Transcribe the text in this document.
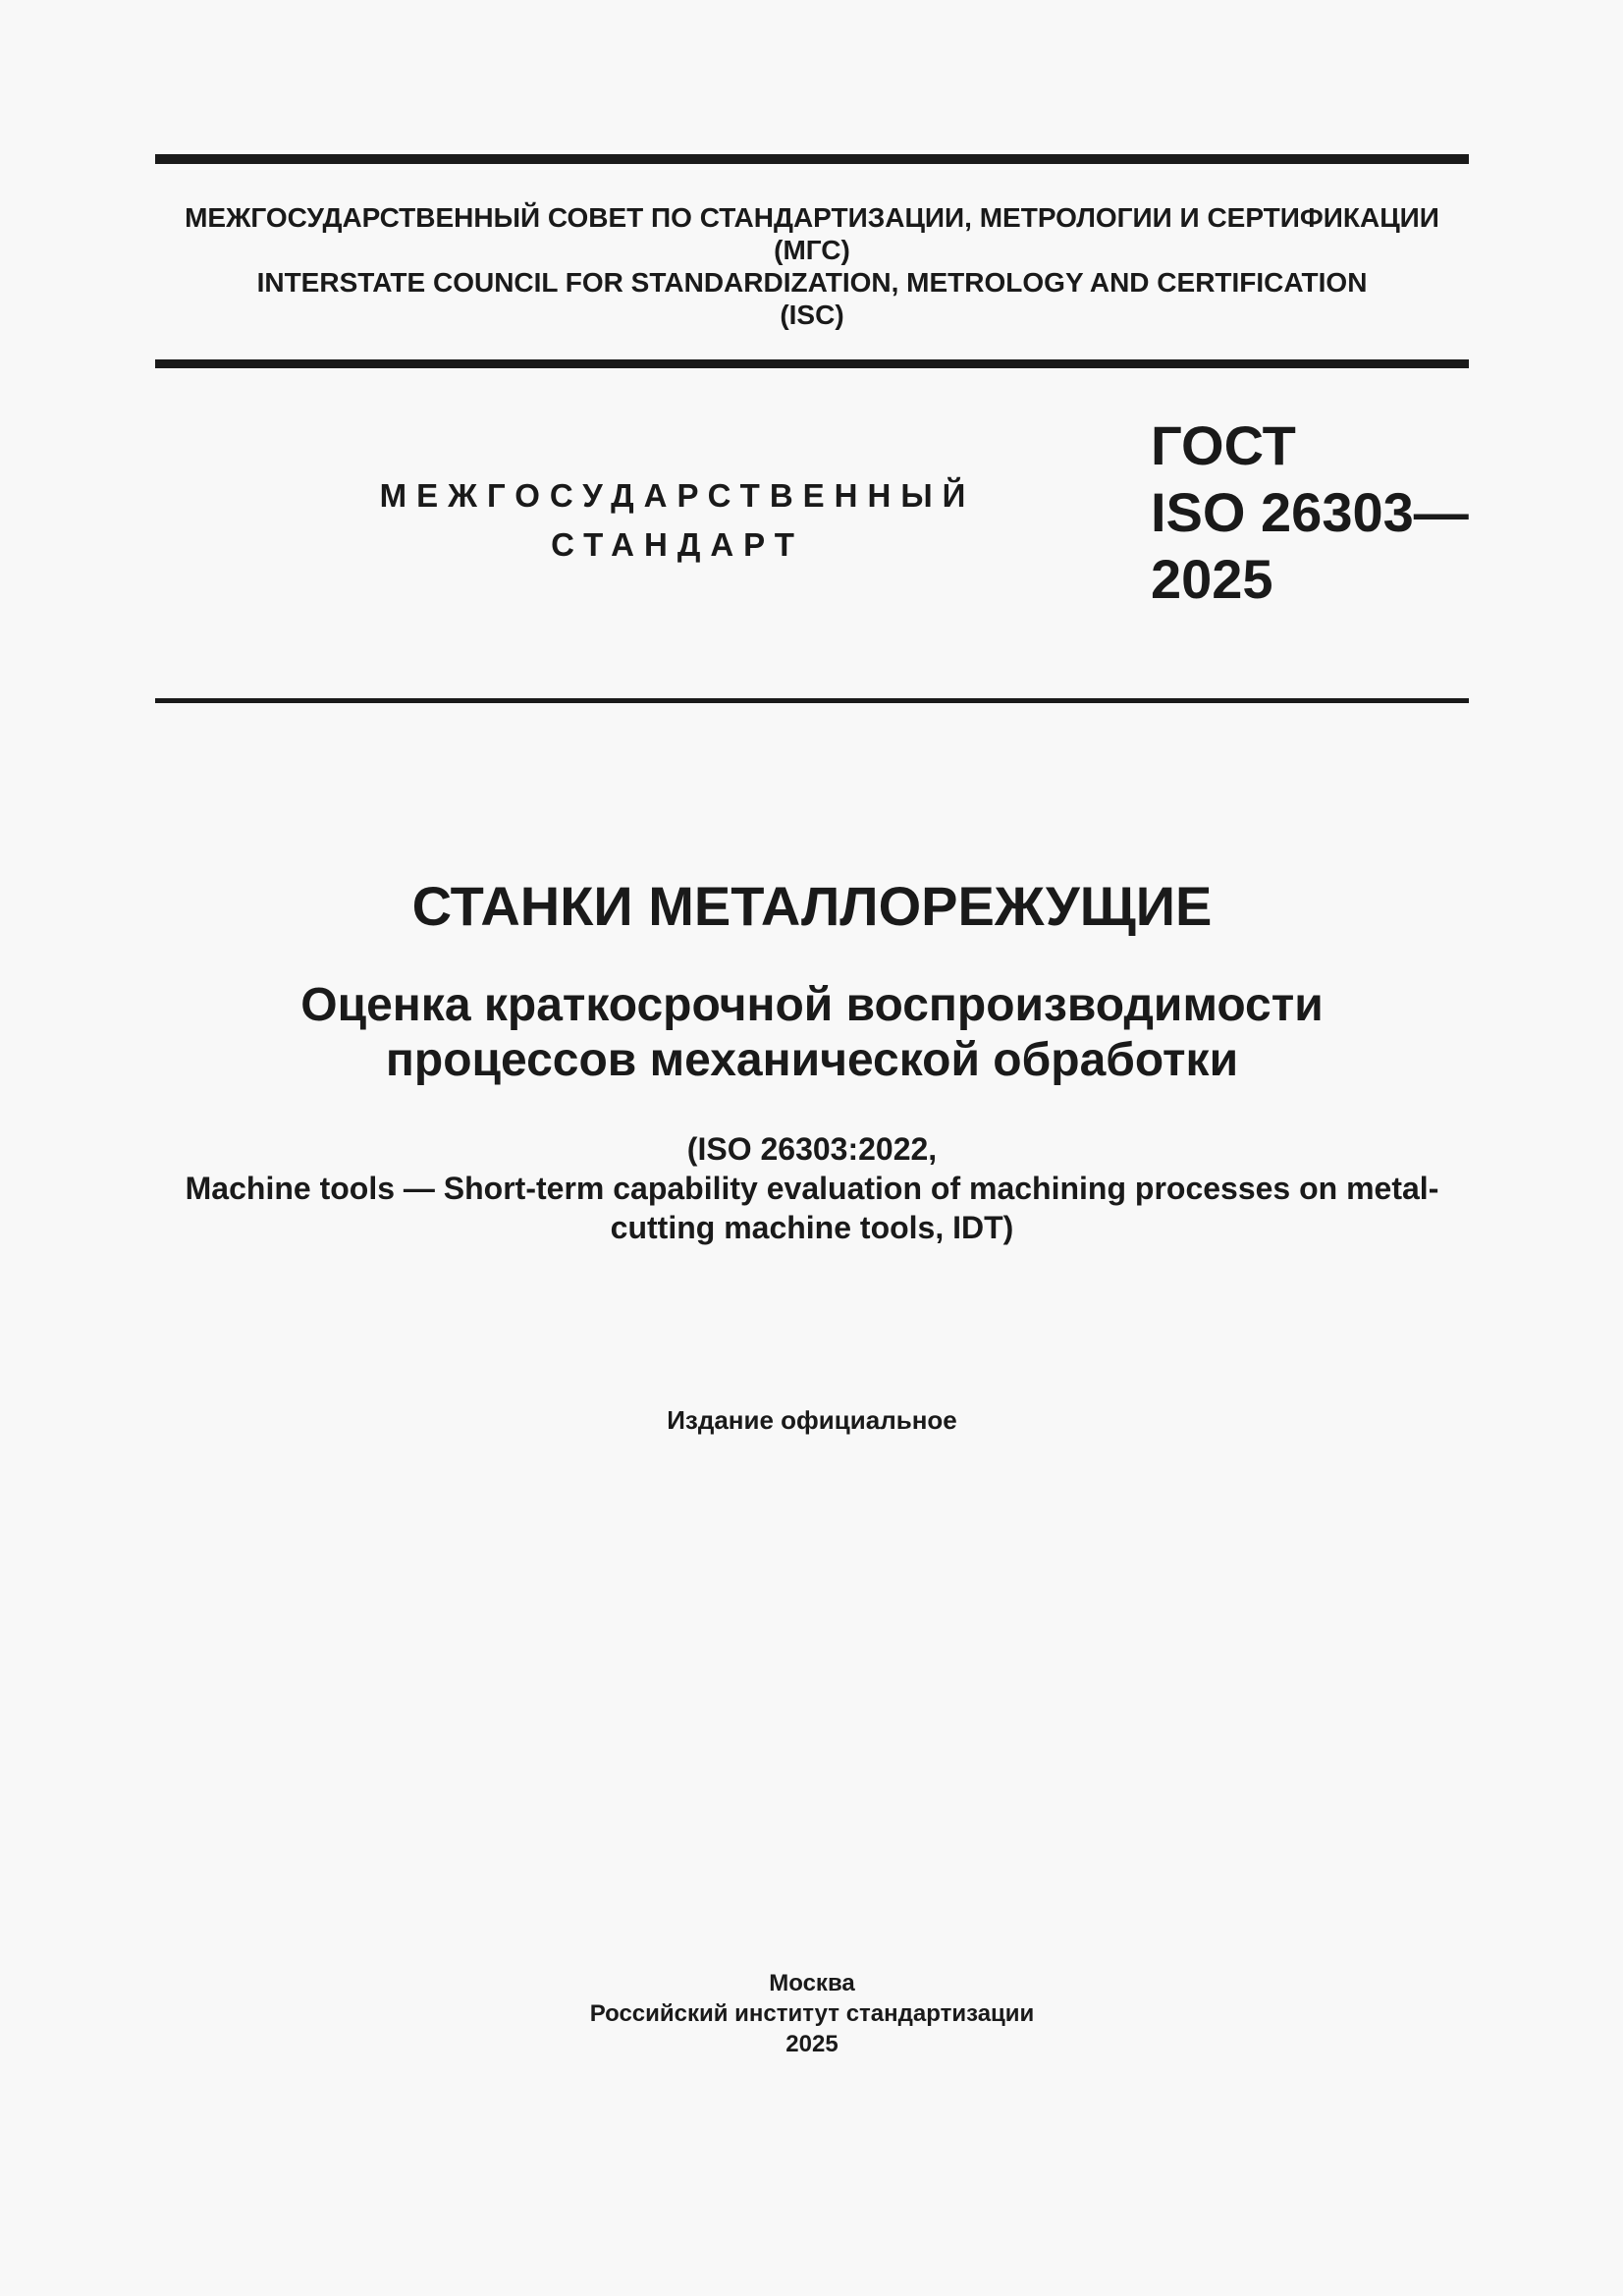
МЕЖГОСУДАРСТВЕННЫЙ СОВЕТ ПО СТАНДАРТИЗАЦИИ, МЕТРОЛОГИИ И СЕРТИФИКАЦИИ
(МГС)
INTERSTATE COUNCIL FOR STANDARDIZATION, METROLOGY AND CERTIFICATION
(ISC)
МЕЖГОСУДАРСТВЕННЫЙ
СТАНДАРТ
ГОСТ
ISO 26303—
2025
СТАНКИ МЕТАЛЛОРЕЖУЩИЕ
Оценка краткосрочной воспроизводимости
процессов механической обработки
(ISO 26303:2022,
Machine tools — Short-term capability evaluation of machining processes on metal-
cutting machine tools, IDT)
Издание официальное
Москва
Российский институт стандартизации
2025
